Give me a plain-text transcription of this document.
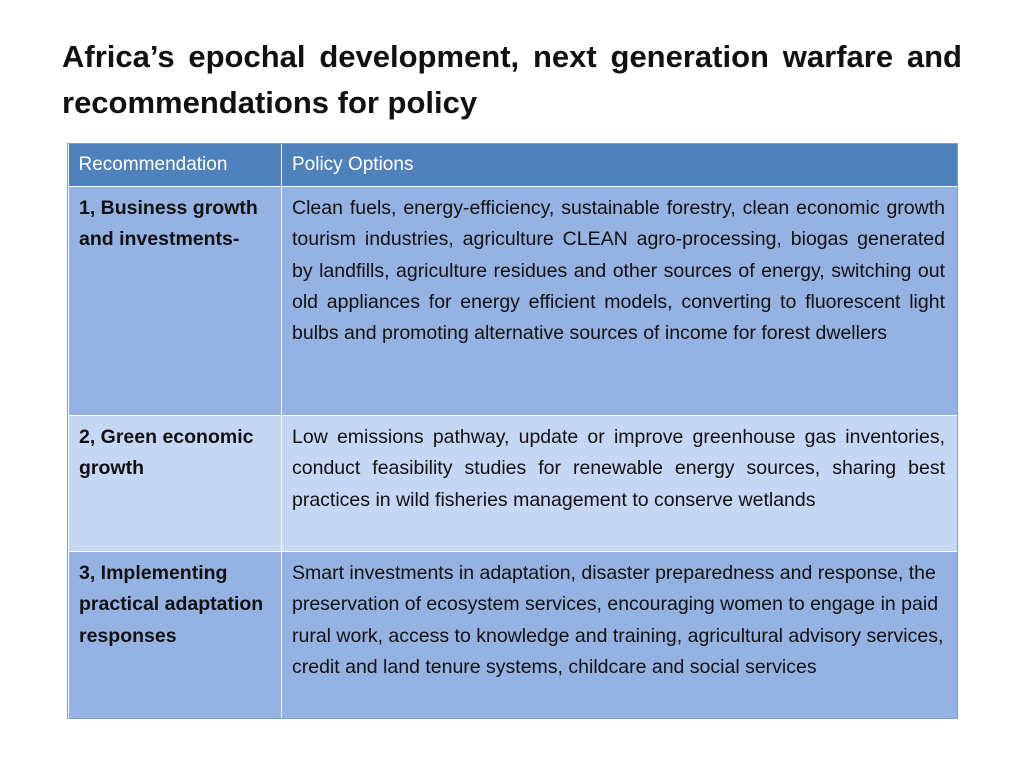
Africa’s epochal development, next generation warfare and recommendations for policy
Recommendation	Policy Options
1, Business growth and investments-	Clean fuels, energy-efficiency, sustainable forestry, clean economic growth tourism industries, agriculture CLEAN agro-processing, biogas generated by landfills, agriculture residues and other sources of energy, switching out old appliances for energy efficient models, converting to fluorescent light bulbs and promoting alternative sources of income for forest dwellers
2, Green economic growth	Low emissions pathway, update or improve greenhouse gas inventories, conduct feasibility studies for renewable energy sources, sharing best practices in wild fisheries management to conserve wetlands
3, Implementing practical adaptation responses	Smart investments in adaptation, disaster preparedness and response, the preservation of ecosystem services, encouraging women to engage in paid rural work, access to knowledge and training, agricultural advisory services, credit and land tenure systems, childcare and social services
